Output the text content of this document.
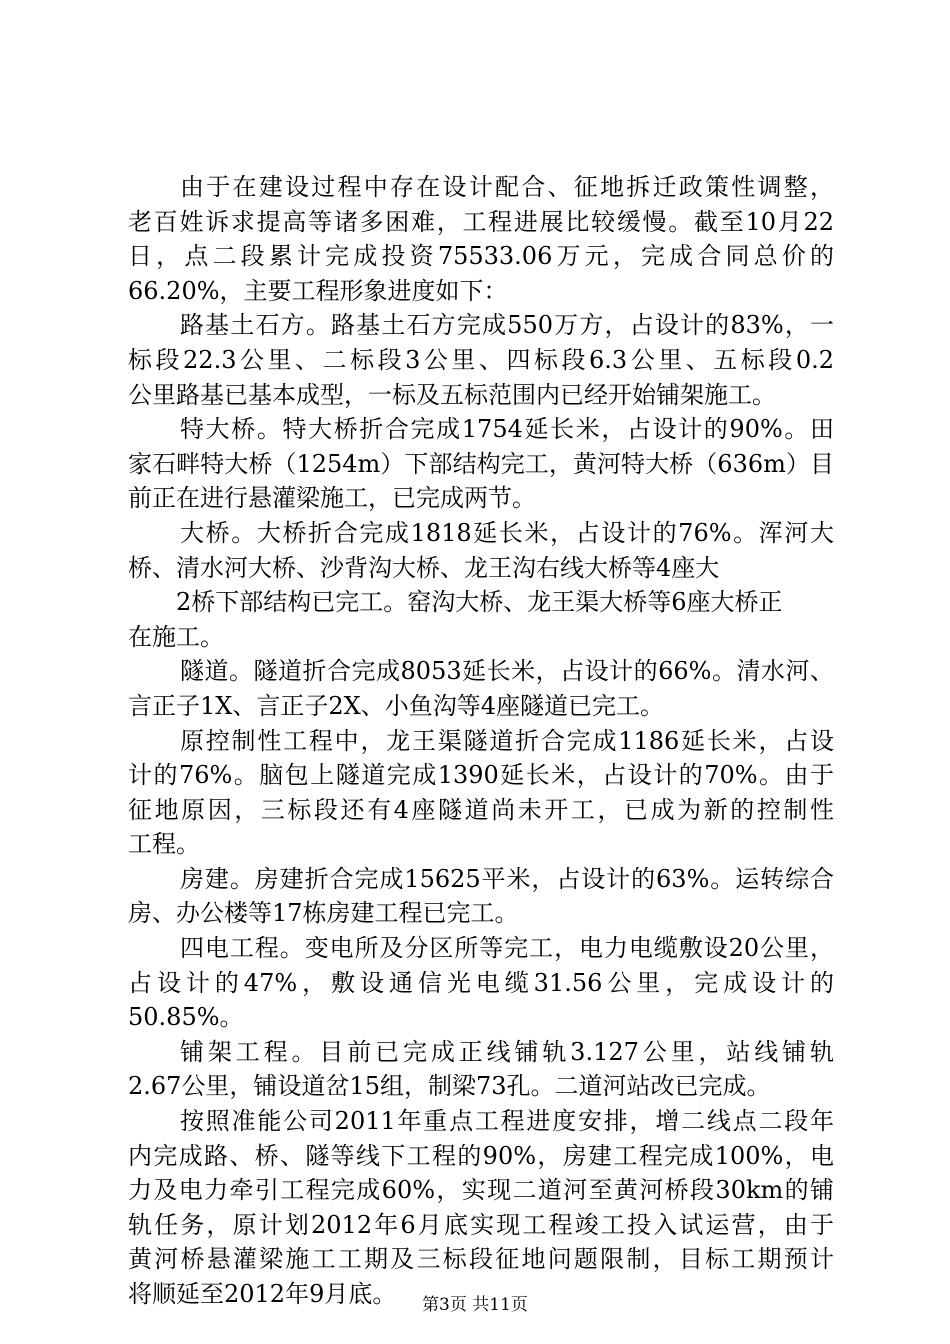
由于在建设过程中存在设计配合、征地拆迁政策性调整，
老百姓诉求提高等诸多困难，工程进展比较缓慢。截至10月22
日，点二段累计完成投资75533.06万元，完成合同总价的
66.20%，主要工程形象进度如下：
路基土石方。路基土石方完成550万方，占设计的83%，一
标段22.3公里、二标段3公里、四标段6.3公里、五标段0.2
公里路基已基本成型，一标及五标范围内已经开始铺架施工。
特大桥。特大桥折合完成1754延长米，占设计的90%。田
家石畔特大桥（1254m）下部结构完工，黄河特大桥（636m）目
前正在进行悬灌梁施工，已完成两节。
大桥。大桥折合完成1818延长米，占设计的76%。浑河大
桥、清水河大桥、沙背沟大桥、龙王沟右线大桥等4座大
2桥下部结构已完工。窑沟大桥、龙王渠大桥等6座大桥正
在施工。
隧道。隧道折合完成8053延长米，占设计的66%。清水河、
言正子1X、言正子2X、小鱼沟等4座隧道已完工。
原控制性工程中，龙王渠隧道折合完成1186延长米，占设
计的76%。脑包上隧道完成1390延长米，占设计的70%。由于
征地原因，三标段还有4座隧道尚未开工，已成为新的控制性
工程。
房建。房建折合完成15625平米，占设计的63%。运转综合
房、办公楼等17栋房建工程已完工。
四电工程。变电所及分区所等完工，电力电缆敷设20公里，
占设计的47%，敷设通信光电缆31.56公里，完成设计的
50.85%。
铺架工程。目前已完成正线铺轨3.127公里，站线铺轨
2.67公里，铺设道岔15组，制梁73孔。二道河站改已完成。
按照准能公司2011年重点工程进度安排，增二线点二段年
内完成路、桥、隧等线下工程的90%，房建工程完成100%，电
力及电力牵引工程完成60%，实现二道河至黄河桥段30km的铺
轨任务，原计划2012年6月底实现工程竣工投入试运营，由于
黄河桥悬灌梁施工工期及三标段征地问题限制，目标工期预计
将顺延至2012年9月底。	第3页 共11页
